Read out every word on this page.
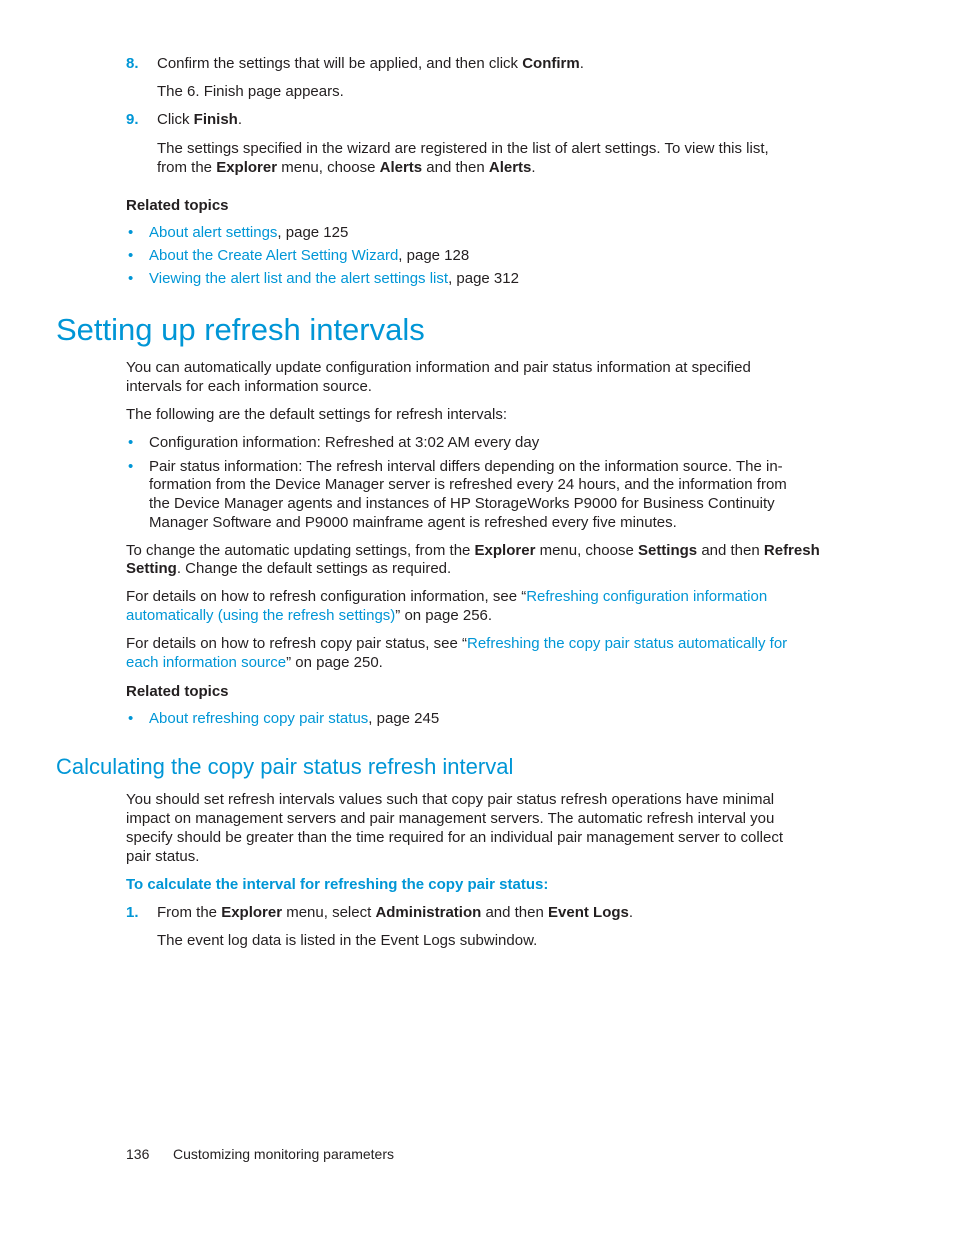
8. Confirm the settings that will be applied, and then click Confirm.
The 6. Finish page appears.
9. Click Finish.
The settings specified in the wizard are registered in the list of alert settings. To view this list,
from the Explorer menu, choose Alerts and then Alerts.
Related topics
• About alert settings, page 125
• About the Create Alert Setting Wizard, page 128
• Viewing the alert list and the alert settings list, page 312
Setting up refresh intervals
You can automatically update configuration information and pair status information at specified
intervals for each information source.
The following are the default settings for refresh intervals:
• Configuration information: Refreshed at 3:02 AM every day
• Pair status information: The refresh interval differs depending on the information source. The in-
formation from the Device Manager server is refreshed every 24 hours, and the information from
the Device Manager agents and instances of HP StorageWorks P9000 for Business Continuity
Manager Software and P9000 mainframe agent is refreshed every five minutes.
To change the automatic updating settings, from the Explorer menu, choose Settings and then Refresh
Setting. Change the default settings as required.
For details on how to refresh configuration information, see “Refreshing configuration information
automatically (using the refresh settings)” on page 256.
For details on how to refresh copy pair status, see “Refreshing the copy pair status automatically for
each information source” on page 250.
Related topics
• About refreshing copy pair status, page 245
Calculating the copy pair status refresh interval
You should set refresh intervals values such that copy pair status refresh operations have minimal
impact on management servers and pair management servers. The automatic refresh interval you
specify should be greater than the time required for an individual pair management server to collect
pair status.
To calculate the interval for refreshing the copy pair status:
1. From the Explorer menu, select Administration and then Event Logs.
The event log data is listed in the Event Logs subwindow.
136 Customizing monitoring parameters
